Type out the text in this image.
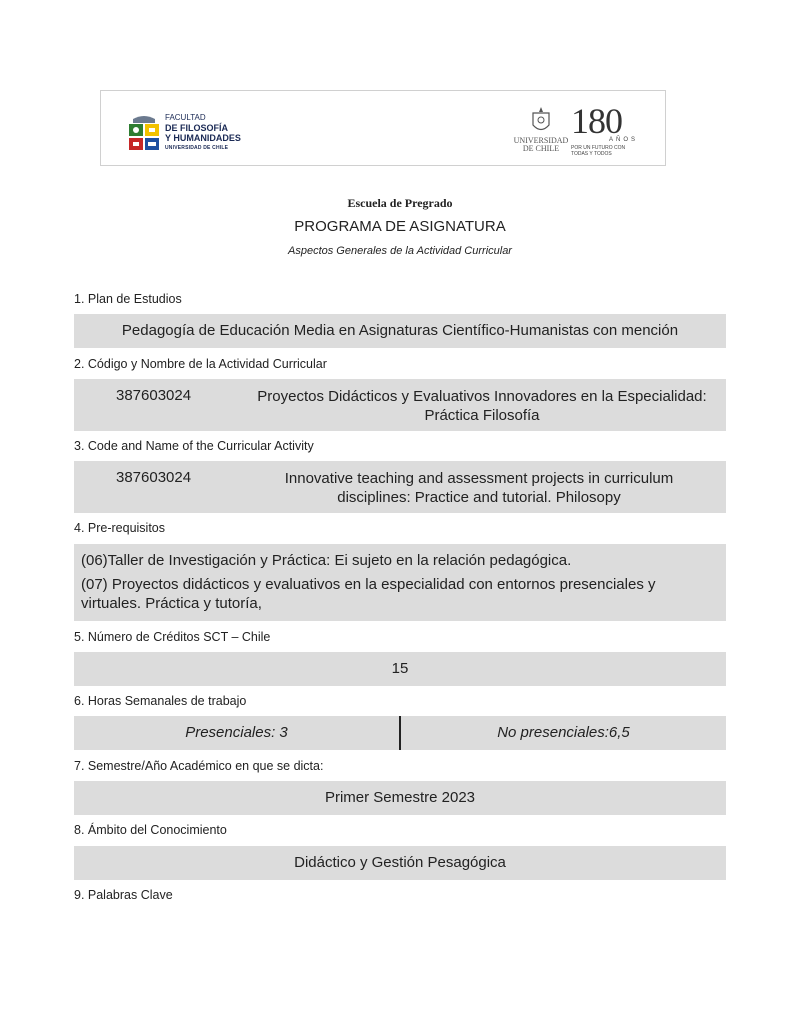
FACULTAD
DE FILOSOFÍA
Y HUMANIDADES
UNIVERSIDAD DE CHILE
UNIVERSIDAD
DE CHILE
180
AÑOS
POR UN FUTURO CON
TODAS Y TODOS
Escuela de Pregrado
PROGRAMA DE ASIGNATURA
Aspectos Generales de la Actividad Curricular
1. Plan de Estudios
Pedagogía de Educación Media en Asignaturas Científico-Humanistas con mención
2. Código y Nombre de la Actividad Curricular
387603024	Proyectos Didácticos y Evaluativos Innovadores en la Especialidad:
Práctica Filosofía
3. Code and Name of the Curricular Activity
387603024	Innovative teaching and assessment projects in curriculum
disciplines: Practice and tutorial. Philosopy
4. Pre-requisitos

(06)Taller de Investigación y Práctica: Ei sujeto en la relación pedagógica.

(07) Proyectos didácticos y evaluativos en la especialidad con entornos presenciales y virtuales. Práctica y tutoría,

5. Número de Créditos SCT – Chile
15
6. Horas Semanales de trabajo
Presenciales: 3	No presenciales:6,5
7. Semestre/Año Académico en que se dicta:
Primer Semestre 2023
8. Ámbito del Conocimiento
Didáctico y Gestión Pesagógica
9. Palabras Clave
